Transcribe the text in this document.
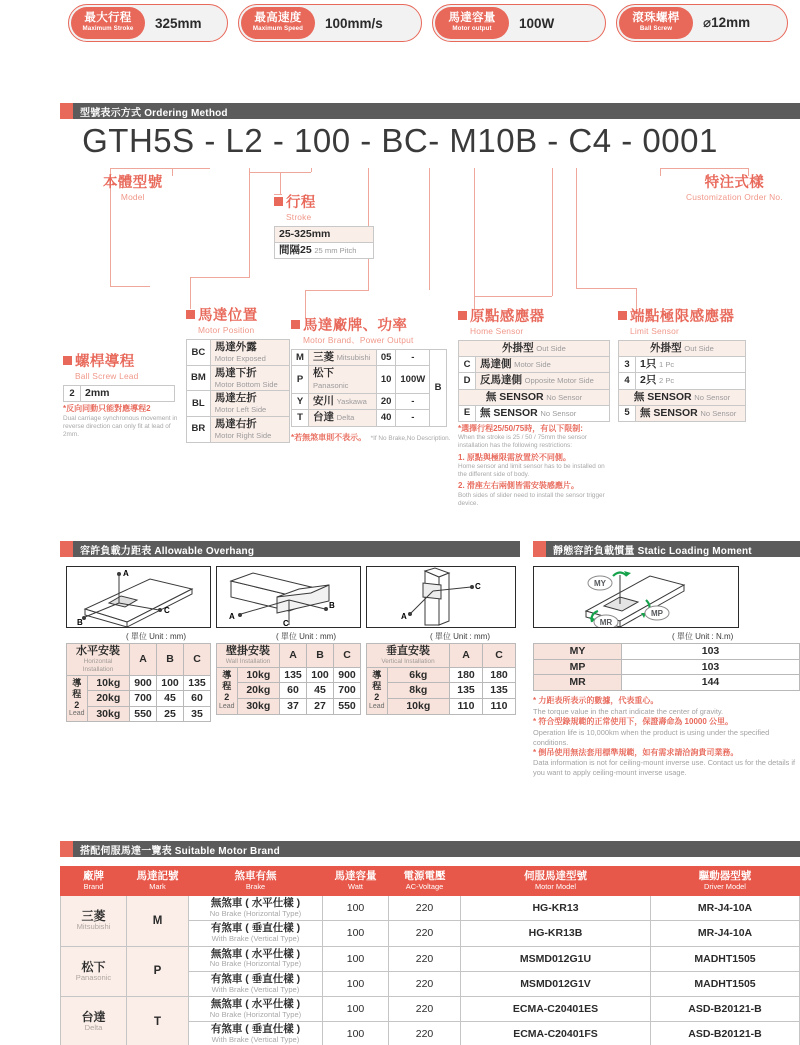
最大行程
Maximum Stroke	325mm	最高速度
Maximum Speed	100mm/s	馬達容量
Motor output	100W	滾珠螺桿
Ball Screw	⌀12mm
型號表示方式 Ordering Method
GTH5S - L2 - 100 - BC- M10B - C4 - 0001
本體型號
Model
特注式樣
Customization Order No.
行程
Stroke
25-325mm
間隔25 25 mm Pitch
螺桿導程
Ball Screw Lead
2	2mm
*反向同動只能對應導程2
Dual carriage synchronous movement in reverse direction can only fit at lead of 2mm.
馬達位置
Motor Position
BC	馬達外露
Motor Exposed

BM	馬達下折
Motor Bottom Side

BL	馬達左折
Motor Left Side

BR	馬達右折
Motor Right Side
馬達廠牌、功率
Motor Brand、Power Output
M	三菱 Mitsubishi	05	-	B
P	松下 Panasonic	10	100W	
Y	安川 Yaskawa	20	-	
T	台達 Delta	40	-	
*若無煞車則不表示。 *If No Brake,No Description.
原點感應器
Home Sensor
外掛型 Out Side	
C	馬達側 Motor Side
D	反馬達側 Opposite Motor Side
無 SENSOR No Sensor	
E	無 SENSOR No Sensor
*選擇行程25/50/75時，有以下限制:
When the stroke is 25 / 50 / 75mm the sensor installation has the following restrictions:
1. 原點與極限需放置於不同側。
Home sensor and limit sensor has to be installed on the different side of body.
2. 滑座左右兩側皆需安裝感應片。
Both sides of slider need to install the sensor trigger device.
端點極限感應器
Limit Sensor
外掛型 Out Side	
3	1只 1 Pc
4	2只 2 Pc
無 SENSOR No Sensor	
5	無 SENSOR No Sensor
容許負載力距表 Allowable Overhang
A
C
B
A
B
C
A
C
( 單位 Unit : mm)	( 單位 Unit : mm)	( 單位 Unit : mm)
水平安裝
Horizontal Installation		A	B	C

導程 2
Lead	10kg	900	100	135
	20kg	700	45	60
	30kg	550	25	35
壁掛安裝
Wall Installation		A	B	C

導程 2
Lead	10kg	135	100	900
	20kg	60	45	700
	30kg	37	27	550
垂直安裝
Vertical Installation		A	C

導程 2
Lead	6kg	180	180
	8kg	135	135
	10kg	110	110
靜態容許負載慣量 Static Loading Moment
MY
MP
MR
( 單位 Unit : N.m)
MY	103
MP	103
MR	144
* 力距表所表示的數據，代表重心。
The torque value in the chart indicate the center of gravity.
* 符合型錄規範的正常使用下，保證壽命為 10000 公里。
Operation life is 10,000km when the product is using under the specified conditions.
* 倒吊使用無法套用標準規範，如有需求請洽詢貴司業務。
Data information is not for ceiling-mount inverse use. Contact us for the details if you want to apply ceiling-mount inverse usage.
搭配伺服馬達一覽表 Suitable Motor Brand
廠牌
Brand	馬達記號
Mark	煞車有無
Brake	馬達容量
Watt	電源電壓
AC-Voltage	伺服馬達型號
Motor Model	驅動器型號
Driver Model

三菱
Mitsubishi	M	無煞車 ( 水平仕樣 )
No Brake (Horizontal Type)	100	220	HG-KR13	MR-J4-10A

		有煞車 ( 垂直仕樣 )
With Brake (Vertical Type)	100	220	HG-KR13B	MR-J4-10A

松下
Panasonic	P	無煞車 ( 水平仕樣 )
No Brake (Horizontal Type)	100	220	MSMD012G1U	MADHT1505

		有煞車 ( 垂直仕樣 )
With Brake (Vertical Type)	100	220	MSMD012G1V	MADHT1505

台達
Delta	T	無煞車 ( 水平仕樣 )
No Brake (Horizontal Type)	100	220	ECMA-C20401ES	ASD-B20121-B

		有煞車 ( 垂直仕樣 )
With Brake (Vertical Type)	100	220	ECMA-C20401FS	ASD-B20121-B
